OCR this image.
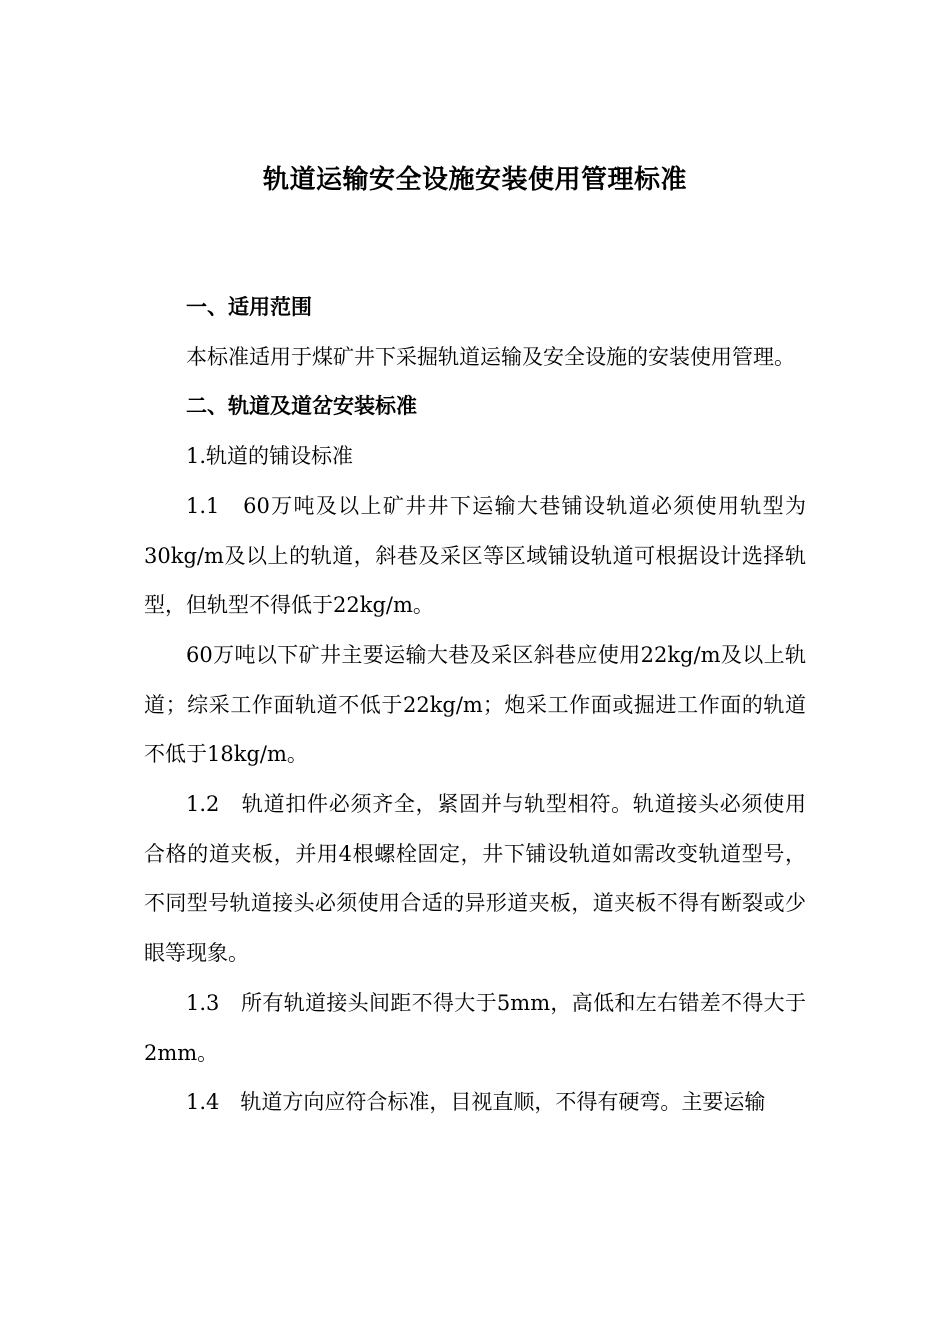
轨道运输安全设施安装使用管理标准
一、适用范围

本标准适用于煤矿井下采掘轨道运输及安全设施的安装使用管理。

二、轨道及道岔安装标准

1.轨道的铺设标准

1.1　60万吨及以上矿井井下运输大巷铺设轨道必须使用轨型为30kg/m及以上的轨道，斜巷及采区等区域铺设轨道可根据设计选择轨型，但轨型不得低于22kg/m。

60万吨以下矿井主要运输大巷及采区斜巷应使用22kg/m及以上轨道；综采工作面轨道不低于22kg/m；炮采工作面或掘进工作面的轨道不低于18kg/m。

1.2　轨道扣件必须齐全，紧固并与轨型相符。轨道接头必须使用合格的道夹板，并用4根螺栓固定，井下铺设轨道如需改变轨道型号，不同型号轨道接头必须使用合适的异形道夹板，道夹板不得有断裂或少眼等现象。

1.3　所有轨道接头间距不得大于5mm，高低和左右错差不得大于2mm。

1.4　轨道方向应符合标准，目视直顺，不得有硬弯。主要运输
